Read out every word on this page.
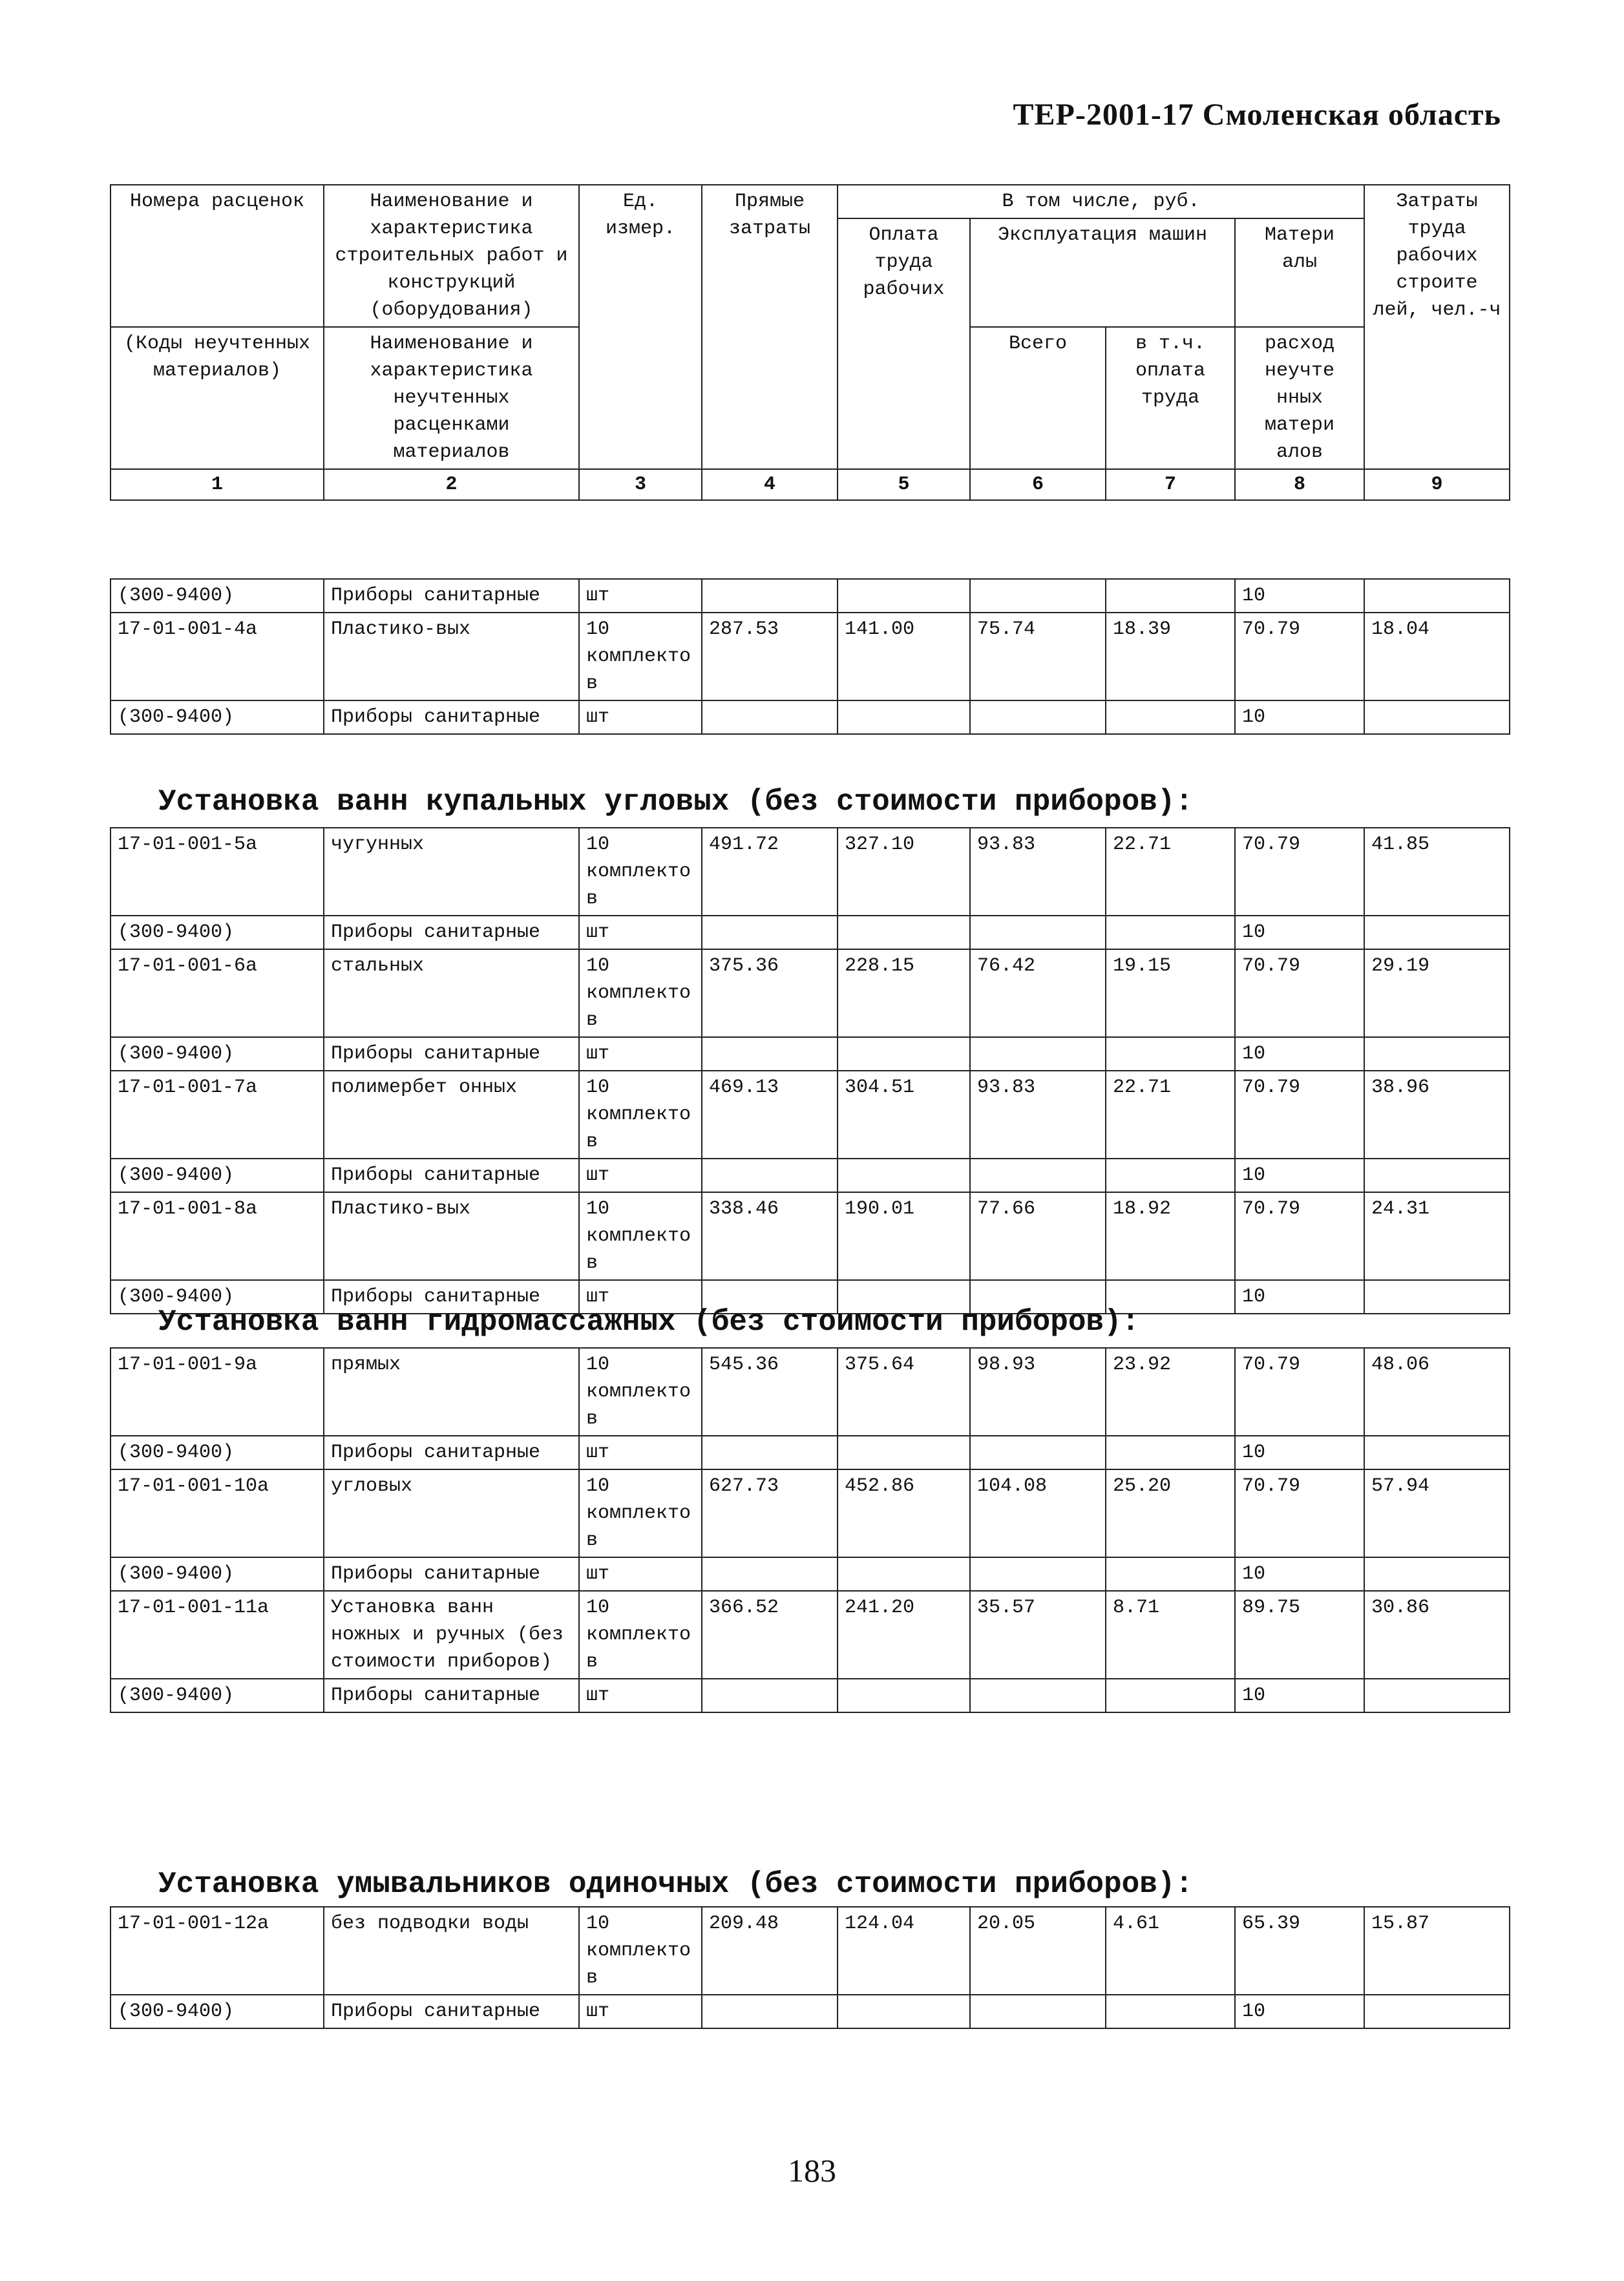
ТЕР-2001-17 Смоленская область
Номера расценок	Наименование и характеристика строительных работ и конструкций (оборудования)	Ед. измер.	Прямые затраты	В том числе, руб.				Затраты труда рабочих строите лей, чел.-ч
				Оплата труда рабочих	Эксплуатация машин		Матери алы	
(Коды неучтенных материалов)	Наименование и характеристика неучтенных расценками материалов				Всего	в т.ч. оплата труда	расход неучте нных матери алов	

1	2	3	4	5	6	7	8	9
(300-9400)	Приборы санитарные	шт					10	
17-01-001-4а	Пластико-вых	10 комплектов	287.53	141.00	75.74	18.39	70.79	18.04
(300-9400)	Приборы санитарные	шт					10	
Установка ванн купальных угловых (без стоимости приборов):
17-01-001-5а	чугунных	10 комплектов	491.72	327.10	93.83	22.71	70.79	41.85
(300-9400)	Приборы санитарные	шт					10	
17-01-001-6а	стальных	10 комплектов	375.36	228.15	76.42	19.15	70.79	29.19
(300-9400)	Приборы санитарные	шт					10	
17-01-001-7а	полимербет онных	10 комплектов	469.13	304.51	93.83	22.71	70.79	38.96
(300-9400)	Приборы санитарные	шт					10	
17-01-001-8а	Пластико-вых	10 комплектов	338.46	190.01	77.66	18.92	70.79	24.31
(300-9400)	Приборы санитарные	шт					10	
Установка ванн гидромассажных (без стоимости приборов):
17-01-001-9а	прямых	10 комплектов	545.36	375.64	98.93	23.92	70.79	48.06
(300-9400)	Приборы санитарные	шт					10	
17-01-001-10а	угловых	10 комплектов	627.73	452.86	104.08	25.20	70.79	57.94
(300-9400)	Приборы санитарные	шт					10	
17-01-001-11а	Установка ванн ножных и ручных (без стоимости приборов)	10 комплектов	366.52	241.20	35.57	8.71	89.75	30.86
(300-9400)	Приборы санитарные	шт					10	
Установка умывальников одиночных (без стоимости приборов):
17-01-001-12а	без подводки воды	10 комплектов	209.48	124.04	20.05	4.61	65.39	15.87
(300-9400)	Приборы санитарные	шт					10	
183
